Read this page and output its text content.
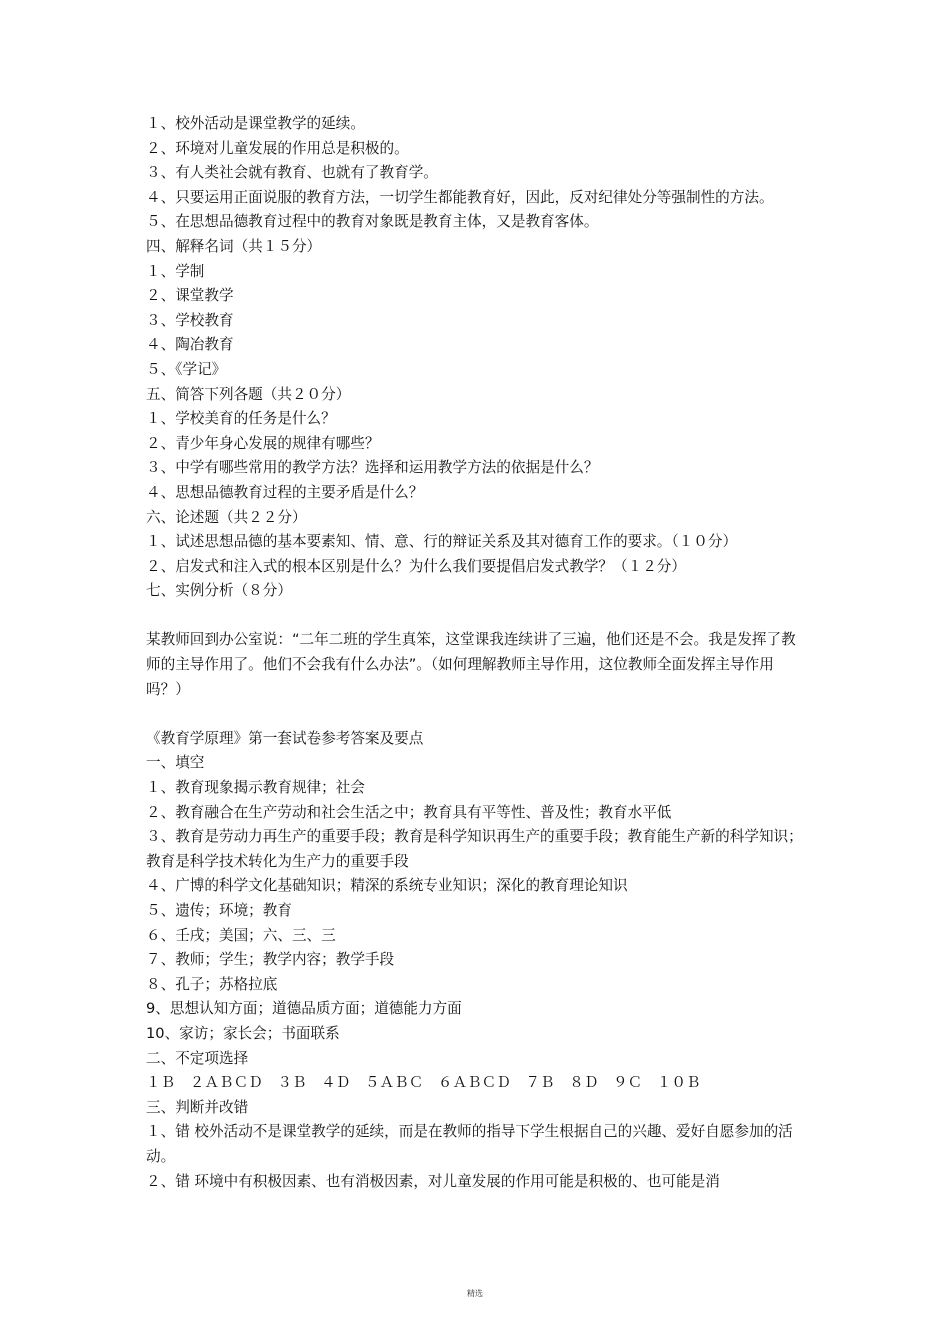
１、校外活动是课堂教学的延续。

２、环境对儿童发展的作用总是积极的。

３、有人类社会就有教育、也就有了教育学。

４、只要运用正面说服的教育方法，一切学生都能教育好，因此，反对纪律处分等强制性的方法。

５、在思想品德教育过程中的教育对象既是教育主体，又是教育客体。

四、解释名词（共１５分）

１、学制

２、课堂教学

３、学校教育

４、陶冶教育

５、《学记》

五、简答下列各题（共２０分）

１、学校美育的任务是什么？

２、青少年身心发展的规律有哪些？

３、中学有哪些常用的教学方法？选择和运用教学方法的依据是什么？

４、思想品德教育过程的主要矛盾是什么？

六、论述题（共２２分）

１、试述思想品德的基本要素知、情、意、行的辩证关系及其对德育工作的要求。（１０分）

２、启发式和注入式的根本区别是什么？为什么我们要提倡启发式教学？（１２分）

七、实例分析（８分）

某教师回到办公室说：“二年二班的学生真笨，这堂课我连续讲了三遍，他们还是不会。我是发挥了教师的主导作用了。他们不会我有什么办法”。（如何理解教师主导作用，这位教师全面发挥主导作用吗？）

《教育学原理》第一套试卷参考答案及要点

一、填空

１、教育现象揭示教育规律；社会

２、教育融合在生产劳动和社会生活之中；教育具有平等性、普及性；教育水平低

３、教育是劳动力再生产的重要手段；教育是科学知识再生产的重要手段；教育能生产新的科学知识；教育是科学技术转化为生产力的重要手段

４、广博的科学文化基础知识；精深的系统专业知识；深化的教育理论知识

５、遗传；环境；教育

６、壬戌；美国；六、三、三

７、教师；学生；教学内容；教学手段

８、孔子；苏格拉底

9、思想认知方面；道德品质方面；道德能力方面

10、家访；家长会；书面联系

二、不定项选择

１Ｂ　２ＡＢＣＤ　３Ｂ　４Ｄ　５ＡＢＣ　６ＡＢＣＤ　７Ｂ　８Ｄ　９Ｃ　１０Ｂ

三、判断并改错

１、错 校外活动不是课堂教学的延续，而是在教师的指导下学生根据自己的兴趣、爱好自愿参加的活动。

２、错 环境中有积极因素、也有消极因素，对儿童发展的作用可能是积极的、也可能是消

精选
